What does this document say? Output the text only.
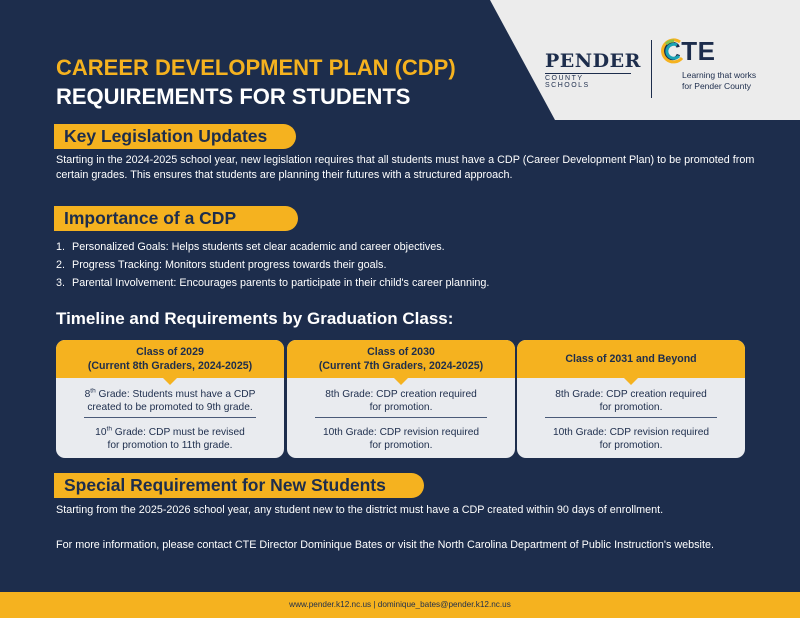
PENDER
COUNTY SCHOOLS
CTE
Learning that works
for Pender County
CAREER DEVELOPMENT PLAN (CDP)
REQUIREMENTS FOR STUDENTS
Key Legislation Updates

Starting in the 2024-2025 school year, new legislation requires that all students must have a CDP (Career Development Plan) to be promoted from certain grades. This ensures that students are planning their futures with a structured approach.

Importance of a CDP
1. Personalized Goals: Helps students set clear academic and career objectives.
2. Progress Tracking: Monitors student progress towards their goals.
3. Parental Involvement: Encourages parents to participate in their child's career planning.
Timeline and Requirements by Graduation Class:
Class of 2029
(Current 8th Graders, 2024-2025)
8th Grade: Students must have a CDP
created to be promoted to 9th grade.
10th Grade: CDP must be revised
for promotion to 11th grade.
Class of 2030
(Current 7th Graders, 2024-2025)
8th Grade: CDP creation required
for promotion.
10th Grade: CDP revision required
for promotion.
Class of 2031 and Beyond
8th Grade: CDP creation required
for promotion.
10th Grade: CDP revision required
for promotion.
Special Requirement for New Students

Starting from the 2025-2026 school year, any student new to the district must have a CDP created within 90 days of enrollment.

For more information, please contact CTE Director Dominique Bates or visit the North Carolina Department of Public Instruction's website.

www.pender.k12.nc.us | dominique_bates@pender.k12.nc.us
